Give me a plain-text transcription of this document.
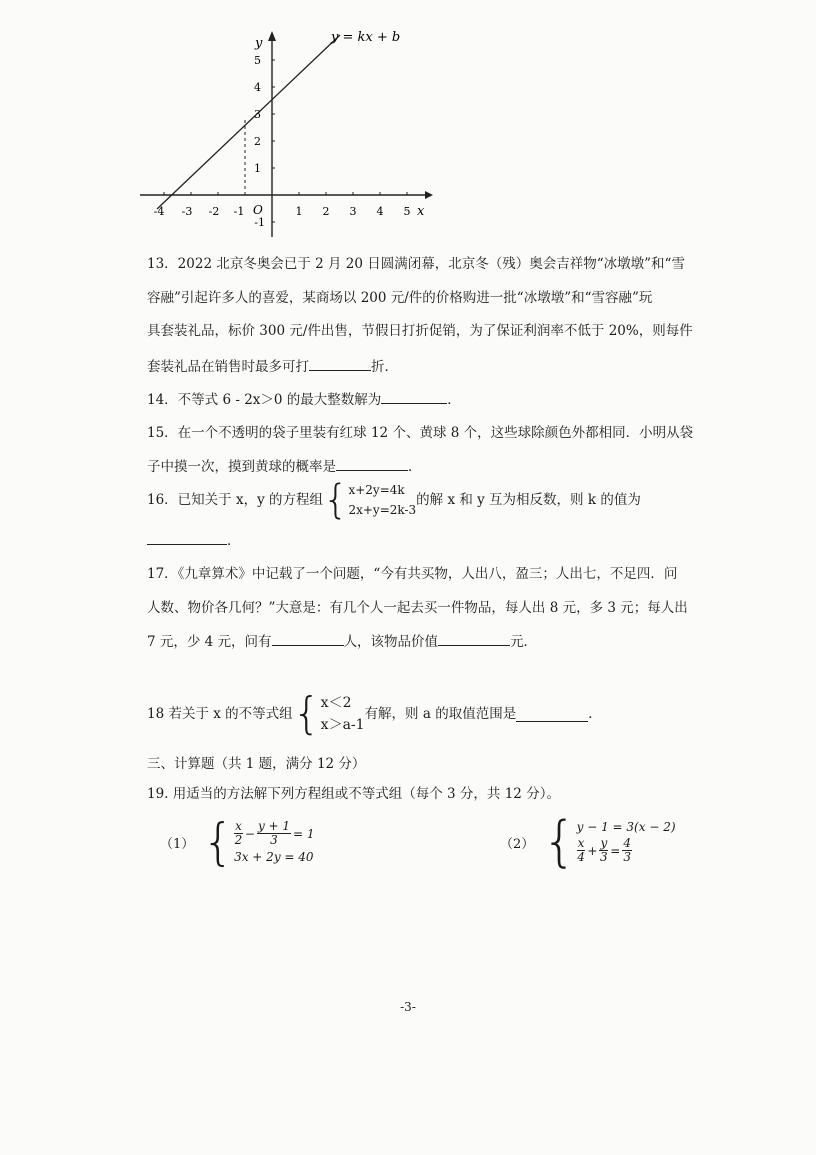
y = kx + b
y
x
O
-4 -3 -2 -1	1 2 3 4 5
5
4
3
2
1
-1
13．2022 北京冬奥会已于 2 月 20 日圆满闭幕，北京冬（残）奥会吉祥物“冰墩墩”和“雪
容融”引起许多人的喜爱，某商场以 200 元/件的价格购进一批“冰墩墩”和“雪容融”玩
具套装礼品，标价 300 元/件出售，节假日打折促销，为了保证利润率不低于 20%，则每件
套装礼品在销售时最多可打	折．
14．不等式 6 - 2x＞0 的最大整数解为	．
15．在一个不透明的袋子里装有红球 12 个、黄球 8 个，这些球除颜色外都相同．小明从袋
子中摸一次，摸到黄球的概率是	．
16．已知关于 x，y 的方程组 { x+2y=4k
2x+y=2k-3
的解 x 和 y 互为相反数，则 k 的值为
．
17．《九章算术》中记载了一个问题，“今有共买物，人出八，盈三；人出七，不足四．问
人数、物价各几何？”大意是：有几个人一起去买一件物品，每人出 8 元，多 3 元；每人出
7 元，少 4 元，问有	人，该物品价值	元．
18 若关于 x 的不等式组 { x＜2
x＞a-1
有解，则 a 的取值范围是	．
三、计算题（共 1 题，满分 12 分）
19. 用适当的方法解下列方程组或不等式组（每个 3 分，共 12 分）。
（1） { $\frac{x}{2} - \frac{y + 1}{3} = 1$
3x + 2y = 40
（2） { y − 1 = 3(x − 2)
$\frac{x}{4} + \frac{y}{3} = \frac{4}{3}$
-3-
